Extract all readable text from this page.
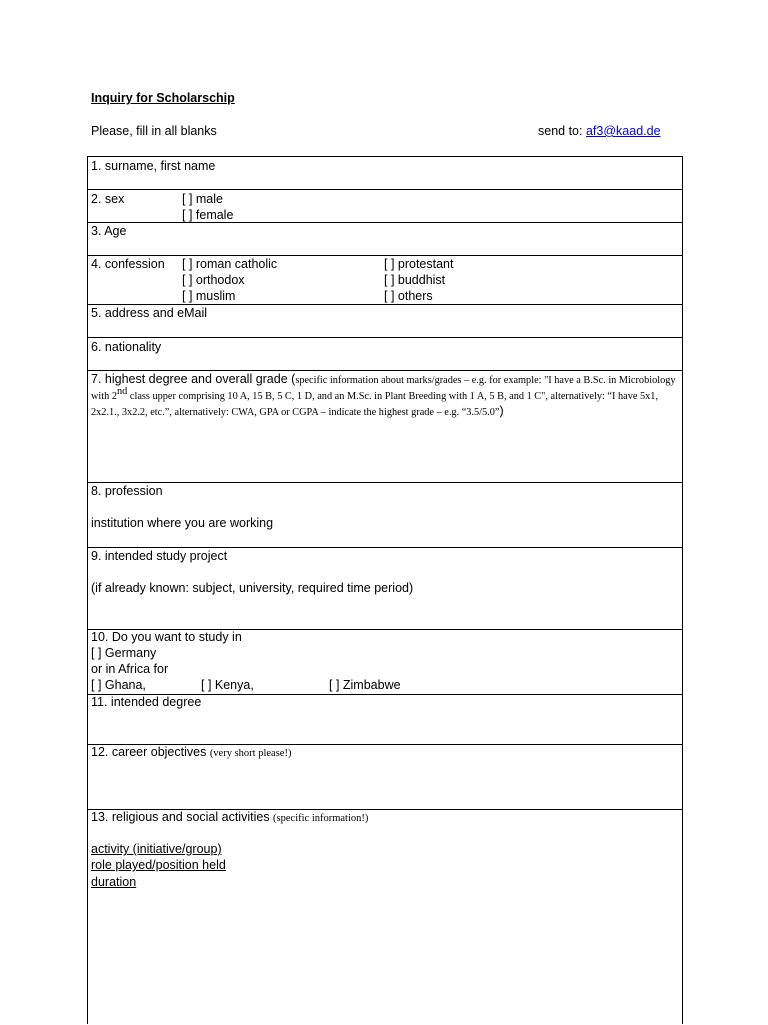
Inquiry for Scholarschip
Please, fill in all blanks	send to: af3@kaad.de
1. surname, first name
2. sex	[ ] male
[ ] female
3. Age
4. confession [ ] roman catholic	[ ] protestant
[ ] orthodox	[ ] buddhist
[ ] muslim	[ ] others
5. address and eMail
6. nationality
7. highest degree and overall grade (specific information about marks/grades – e.g. for example: "I have a B.Sc. in Microbiology with 2nd class upper comprising 10 A, 15 B, 5 C, 1 D, and an M.Sc. in Plant Breeding with 1 A, 5 B, and 1 C", alternatively: “I have 5x1, 2x2.1., 3x2.2, etc.”, alternatively: CWA, GPA or CGPA – indicate the highest grade – e.g. “3.5/5.0”)
8. profession
institution where you are working
9. intended study project
(if already known: subject, university, required time period)
10. Do you want to study in
[ ] Germany
or in Africa for
[ ] Ghana,	[ ] Kenya,	[ ] Zimbabwe
11. intended degree
12. career objectives (very short please!)
13. religious and social activities (specific information!)
activity (initiative/group)
role played/position held
duration
